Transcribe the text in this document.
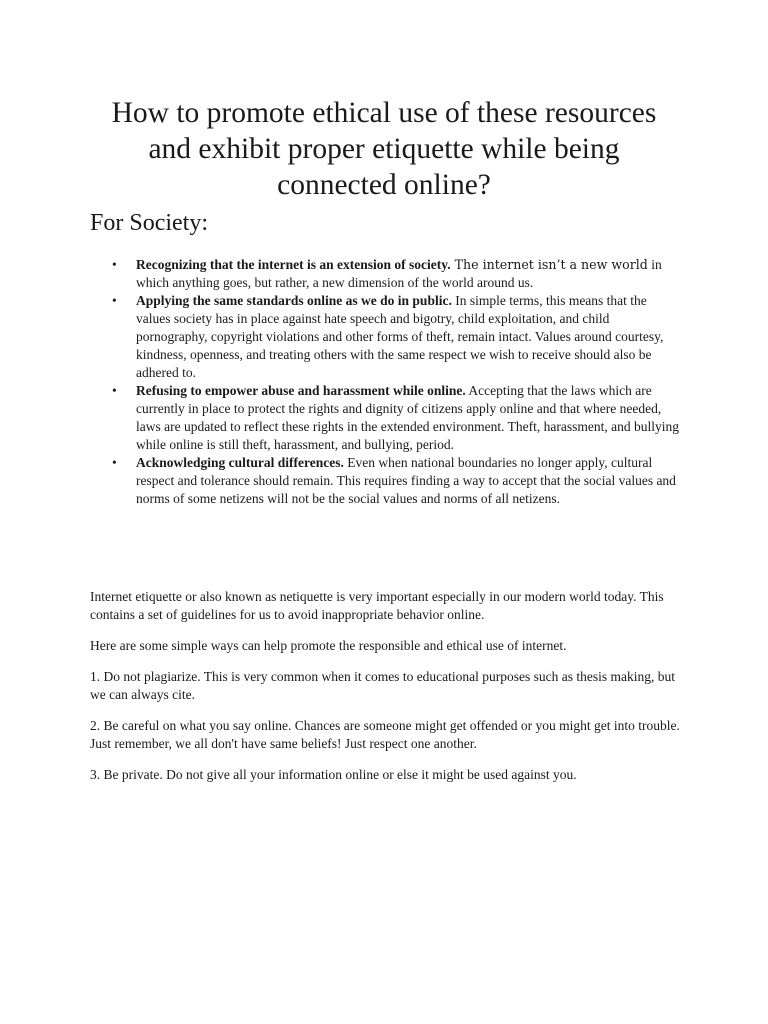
How to promote ethical use of these resources and exhibit proper etiquette while being connected online?
For Society:
• Recognizing that the internet is an extension of society. The internet isn’t a new world in which anything goes, but rather, a new dimension of the world around us.
• Applying the same standards online as we do in public. In simple terms, this means that the values society has in place against hate speech and bigotry, child exploitation, and child pornography, copyright violations and other forms of theft, remain intact. Values around courtesy, kindness, openness, and treating others with the same respect we wish to receive should also be adhered to.
• Refusing to empower abuse and harassment while online. Accepting that the laws which are currently in place to protect the rights and dignity of citizens apply online and that where needed, laws are updated to reflect these rights in the extended environment. Theft, harassment, and bullying while online is still theft, harassment, and bullying, period.
• Acknowledging cultural differences. Even when national boundaries no longer apply, cultural respect and tolerance should remain. This requires finding a way to accept that the social values and norms of some netizens will not be the social values and norms of all netizens.

Internet etiquette or also known as netiquette is very important especially in our modern world today. This contains a set of guidelines for us to avoid inappropriate behavior online.

Here are some simple ways can help promote the responsible and ethical use of internet.

1. Do not plagiarize. This is very common when it comes to educational purposes such as thesis making, but we can always cite.

2. Be careful on what you say online. Chances are someone might get offended or you might get into trouble. Just remember, we all don't have same beliefs! Just respect one another.

3. Be private. Do not give all your information online or else it might be used against you.
